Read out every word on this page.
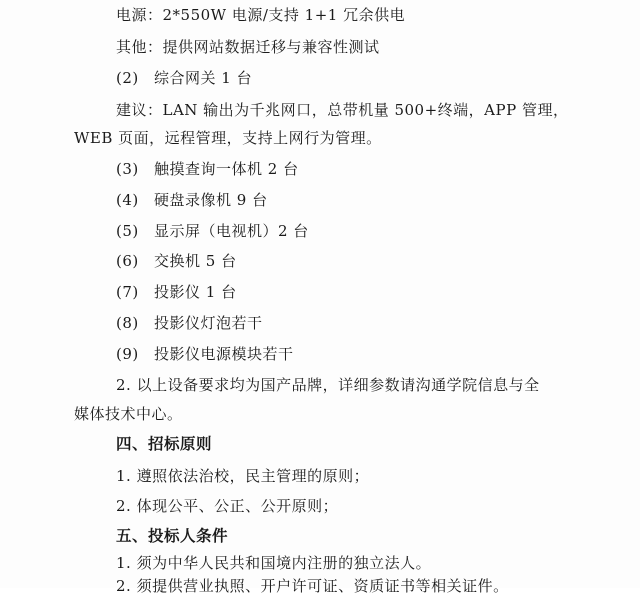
电源：2*550W 电源/支持 1+1 冗余供电
其他：提供网站数据迁移与兼容性测试
(2) 综合网关 1 台
建议：LAN 输出为千兆网口，总带机量 500+终端，APP 管理，
WEB 页面，远程管理，支持上网行为管理。
(3) 触摸查询一体机 2 台
(4) 硬盘录像机 9 台
(5) 显示屏（电视机）2 台
(6) 交换机 5 台
(7) 投影仪 1 台
(8) 投影仪灯泡若干
(9) 投影仪电源模块若干
2. 以上设备要求均为国产品牌，详细参数请沟通学院信息与全
媒体技术中心。
四、招标原则
1. 遵照依法治校，民主管理的原则；
2. 体现公平、公正、公开原则；
五、投标人条件
1. 须为中华人民共和国境内注册的独立法人。
2. 须提供营业执照、开户许可证、资质证书等相关证件。
